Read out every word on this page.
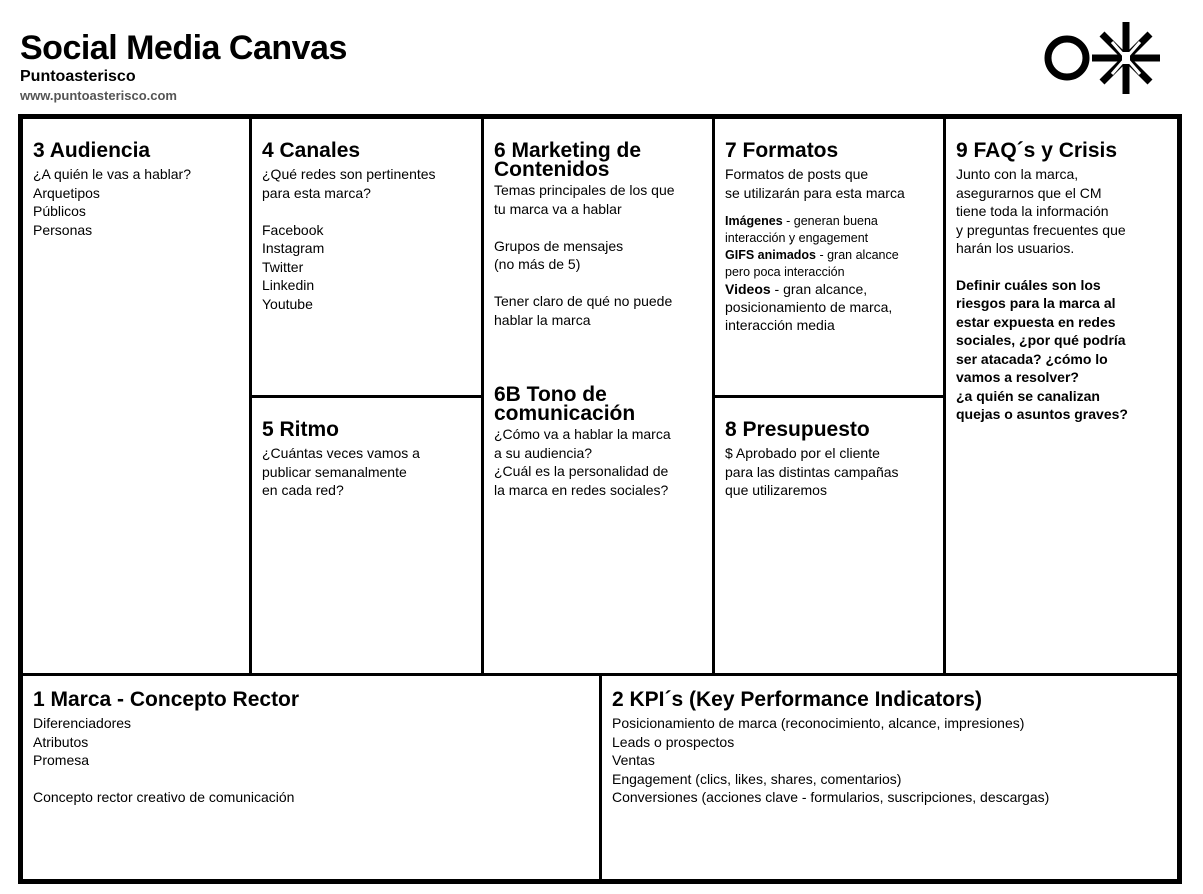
Social Media Canvas
Puntoasterisco
www.puntoasterisco.com
3 Audiencia
¿A quién le vas a hablar?
Arquetipos
Públicos
Personas
4 Canales
¿Qué redes son pertinentes
para esta marca?

Facebook
Instagram
Twitter
Linkedin
Youtube
5 Ritmo
¿Cuántas veces vamos a
publicar semanalmente
en cada red?
6 Marketing de
Contenidos
Temas principales de los que
tu marca va a hablar

Grupos de mensajes
(no más de 5)

Tener claro de qué no puede
hablar la marca
6B Tono de
comunicación
¿Cómo va a hablar la marca
a su audiencia?
¿Cuál es la personalidad de
la marca en redes sociales?
7 Formatos
Formatos de posts que
se utilizarán para esta marca
Imágenes - generan buena
interacción y engagement
GIFS animados - gran alcance
pero poca interacción
Videos - gran alcance,
posicionamiento de marca,
interacción media
8 Presupuesto
$ Aprobado por el cliente
para las distintas campañas
que utilizaremos
9 FAQ´s y Crisis
Junto con la marca,
asegurarnos que el CM
tiene toda la información
y preguntas frecuentes que
harán los usuarios.
Definir cuáles son los
riesgos para la marca al
estar expuesta en redes
sociales, ¿por qué podría
ser atacada? ¿cómo lo
vamos a resolver?
¿a quién se canalizan
quejas o asuntos graves?
1 Marca - Concepto Rector
Diferenciadores
Atributos
Promesa

Concepto rector creativo de comunicación
2 KPI´s (Key Performance Indicators)
Posicionamiento de marca (reconocimiento, alcance, impresiones)
Leads o prospectos
Ventas
Engagement (clics, likes, shares, comentarios)
Conversiones (acciones clave - formularios, suscripciones, descargas)
